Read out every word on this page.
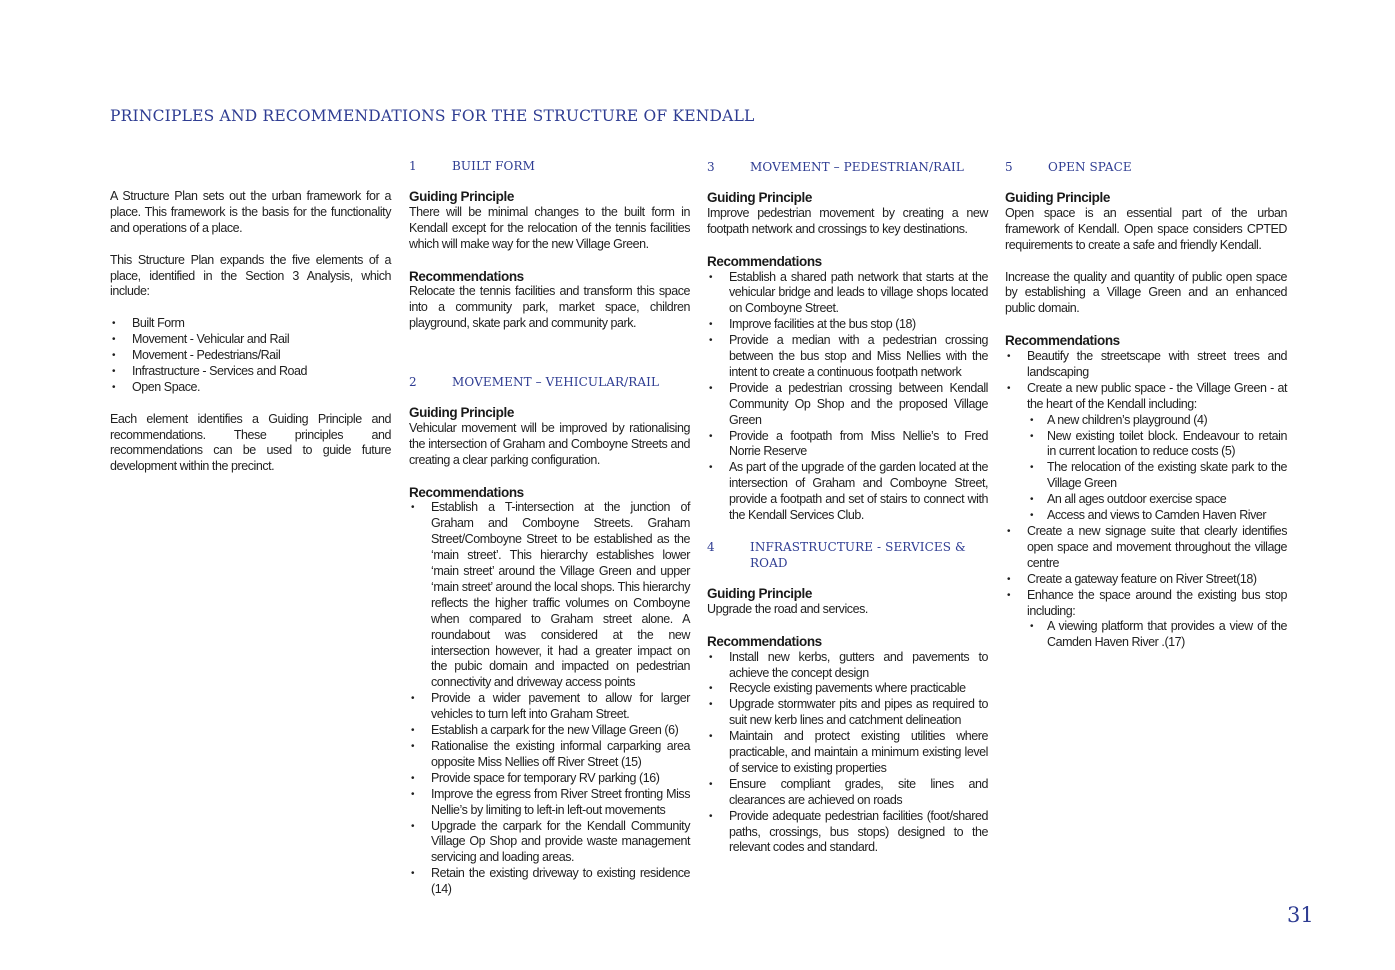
PRINCIPLES AND RECOMMENDATIONS FOR THE STRUCTURE OF KENDALL

A Structure Plan sets out the urban framework for a place. This framework is the basis for the functionality and operations of a place.

This Structure Plan expands the five elements of a place, identified in the Section 3 Analysis, which include:

• Built Form
• Movement - Vehicular and Rail
• Movement - Pedestrians/Rail
• Infrastructure - Services and Road
• Open Space.

Each element identifies a Guiding Principle and recommendations. These principles and recommendations can be used to guide future development within the precinct.

1	BUILT FORM
Guiding Principle

There will be minimal changes to the built form in Kendall except for the relocation of the tennis facilities which will make way for the new Village Green.

Recommendations

Relocate the tennis facilities and transform this space into a community park, market space, children playground, skate park and community park.

2	MOVEMENT – VEHICULAR/RAIL
Guiding Principle

Vehicular movement will be improved by rationalising the intersection of Graham and Comboyne Streets and creating a clear parking configuration.

Recommendations
• Establish a T-intersection at the junction of Graham and Comboyne Streets. Graham Street/Comboyne Street to be established as the ‘main street’. This hierarchy establishes lower ‘main street’ around the Village Green and upper ‘main street’ around the local shops. This hierarchy reflects the higher traffic volumes on Comboyne when compared to Graham street alone. A roundabout was considered at the new intersection however, it had a greater impact on the pubic domain and impacted on pedestrian connectivity and driveway access points
• Provide a wider pavement to allow for larger vehicles to turn left into Graham Street.
• Establish a carpark for the new Village Green (6)
• Rationalise the existing informal carparking area opposite Miss Nellies off River Street (15)
• Provide space for temporary RV parking (16)
• Improve the egress from River Street fronting Miss Nellie’s by limiting to left-in left-out movements
• Upgrade the carpark for the Kendall Community Village Op Shop and provide waste management servicing and loading areas.
• Retain the existing driveway to existing residence (14)
3	MOVEMENT – PEDESTRIAN/RAIL
Guiding Principle

Improve pedestrian movement by creating a new footpath network and crossings to key destinations.

Recommendations
• Establish a shared path network that starts at the vehicular bridge and leads to village shops located on Comboyne Street.
• Improve facilities at the bus stop (18)
• Provide a median with a pedestrian crossing between the bus stop and Miss Nellies with the intent to create a continuous footpath network
• Provide a pedestrian crossing between Kendall Community Op Shop and the proposed Village Green
• Provide a footpath from Miss Nellie’s to Fred Norrie Reserve
• As part of the upgrade of the garden located at the intersection of Graham and Comboyne Street, provide a footpath and set of stairs to connect with the Kendall Services Club.
4	INFRASTRUCTURE - SERVICES & ROAD
Guiding Principle

Upgrade the road and services.

Recommendations
• Install new kerbs, gutters and pavements to achieve the concept design
• Recycle existing pavements where practicable
• Upgrade stormwater pits and pipes as required to suit new kerb lines and catchment delineation
• Maintain and protect existing utilities where practicable, and maintain a minimum existing level of service to existing properties
• Ensure compliant grades, site lines and clearances are achieved on roads
• Provide adequate pedestrian facilities (foot/shared paths, crossings, bus stops) designed to the relevant codes and standard.
5	OPEN SPACE
Guiding Principle

Open space is an essential part of the urban framework of Kendall. Open space considers CPTED requirements to create a safe and friendly Kendall.

Increase the quality and quantity of public open space by establishing a Village Green and an enhanced public domain.

Recommendations
• Beautify the streetscape with street trees and landscaping
• Create a new public space - the Village Green - at the heart of the Kendall including:
• A new children’s playground (4)
• New existing toilet block. Endeavour to retain in current location to reduce costs (5)
• The relocation of the existing skate park to the Village Green
• An all ages outdoor exercise space
• Access and views to Camden Haven River
• Create a new signage suite that clearly identifies open space and movement throughout the village centre
• Create a gateway feature on River Street(18)
• Enhance the space around the existing bus stop including:
• A viewing platform that provides a view of the Camden Haven River .(17)
31
